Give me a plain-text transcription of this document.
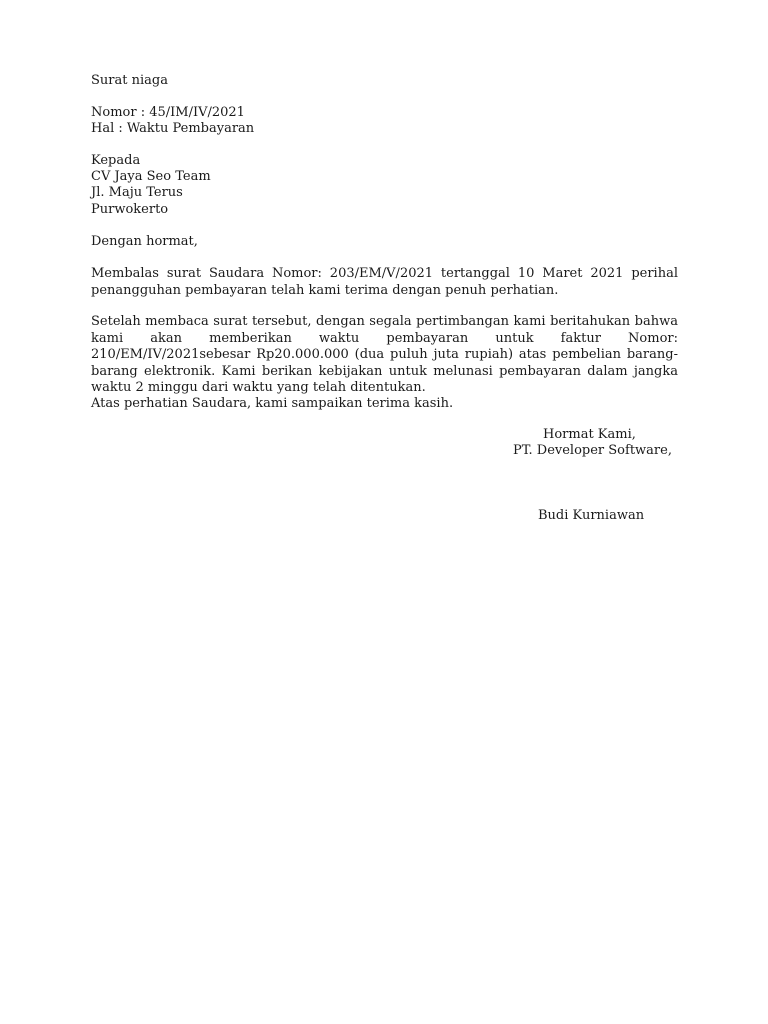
Surat niaga
Nomor : 45/IM/IV/2021
Hal : Waktu Pembayaran
Kepada
CV Jaya Seo Team
Jl. Maju Terus
Purwokerto
Dengan hormat,
Membalas surat Saudara Nomor: 203/EM/V/2021 tertanggal 10 Maret 2021 perihal penangguhan pembayaran telah kami terima dengan penuh perhatian.
Setelah membaca surat tersebut, dengan segala pertimbangan kami beritahukan bahwa kami akan memberikan waktu pembayaran untuk faktur Nomor: 210/EM/IV/2021sebesar Rp20.000.000 (dua puluh juta rupiah) atas pembelian barang-barang elektronik. Kami berikan kebijakan untuk melunasi pembayaran dalam jangka waktu 2 minggu dari waktu yang telah ditentukan.
Atas perhatian Saudara, kami sampaikan terima kasih.
Hormat Kami,
PT. Developer Software,
Budi Kurniawan
